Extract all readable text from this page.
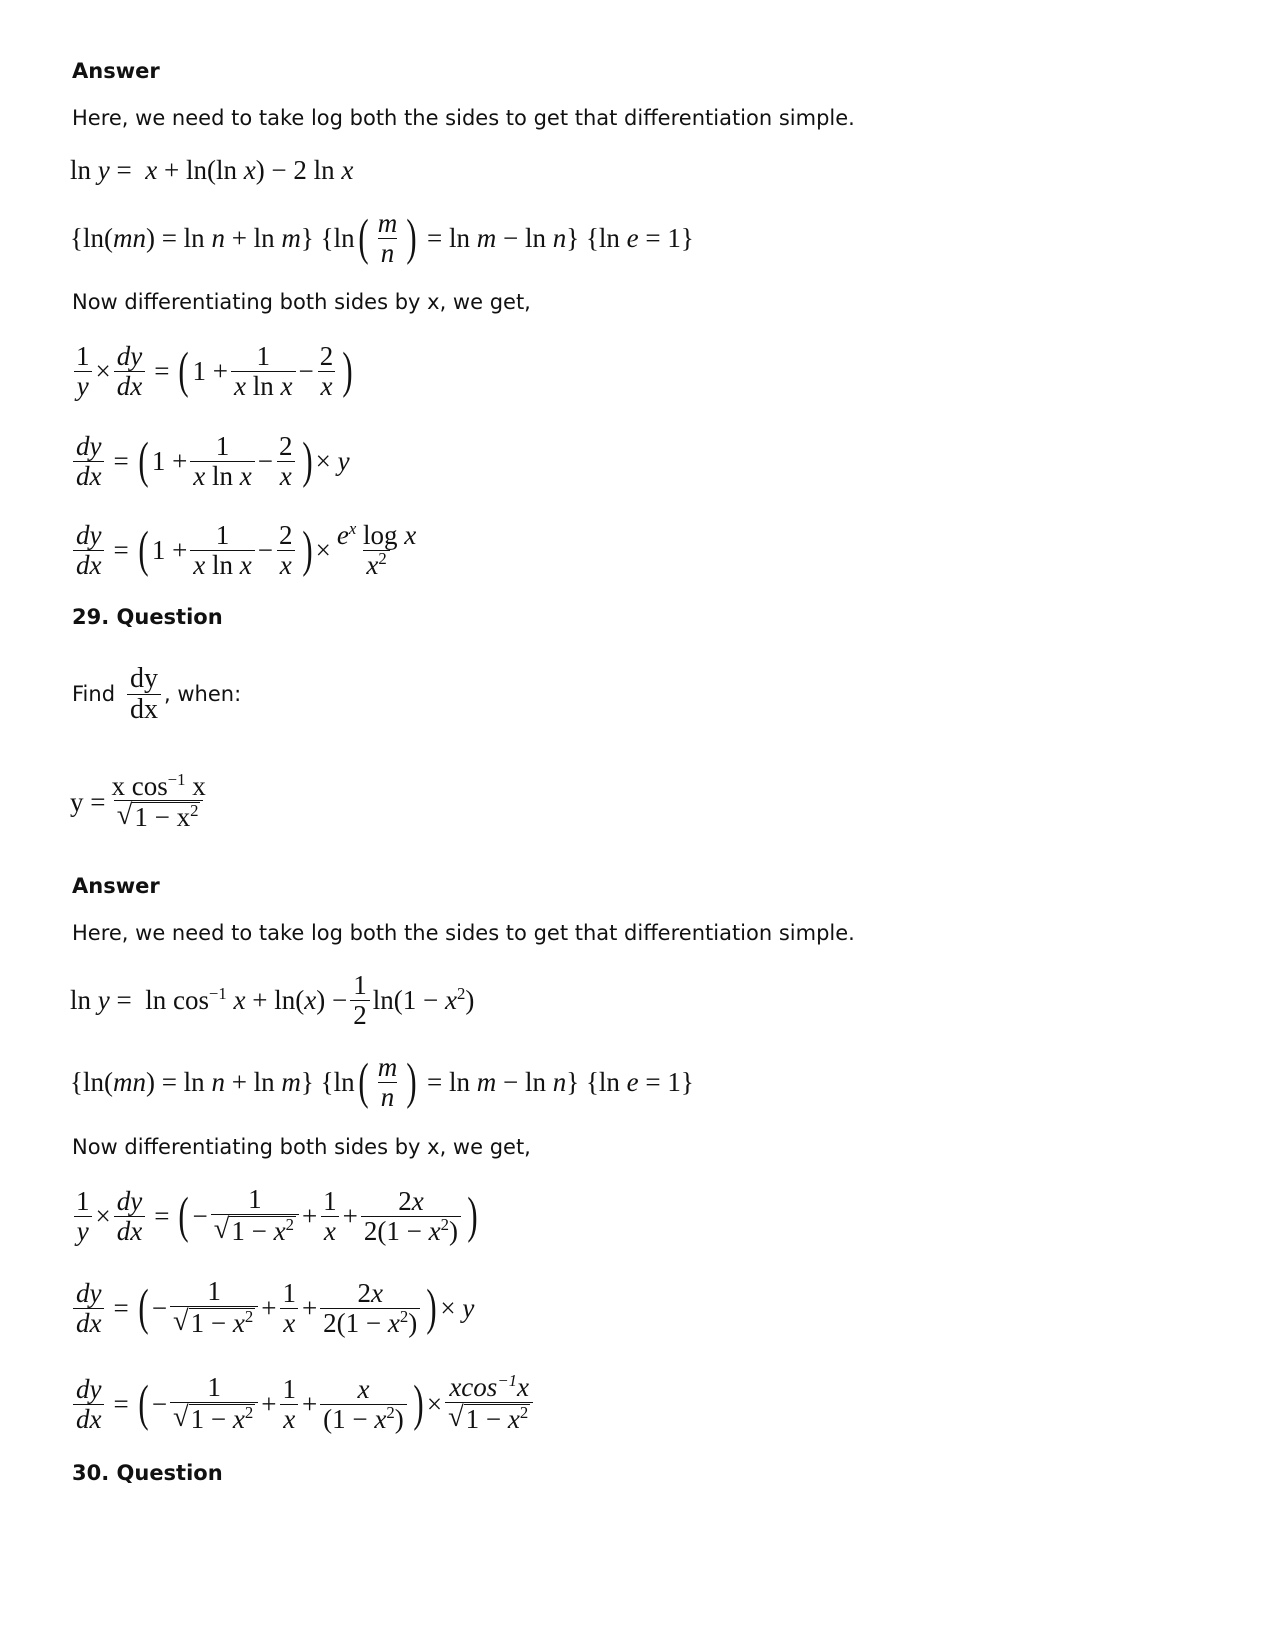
Answer
Here, we need to take log both the sides to get that differentiation simple.
ln y =  x + ln(ln x) − 2 ln x
{ln(mn) = ln n + ln m} {ln ( $\frac{m}{n}$ ) = ln m − ln n} {ln e = 1}
Now differentiating both sides by x, we get,
$\frac{1}{y} \times \frac{dy}{dx}$ = ( $1 + \frac{1}{\text{x ln x}} - \frac{2}{x}$ )
$\frac{dy}{dx}$ = ( $1 + \frac{1}{\text{x ln x}} - \frac{2}{x}$ ) × y
$\frac{dy}{dx}$ = ( $1 + \frac{1}{\text{x ln x}} - \frac{2}{x}$ ) × $\frac{e^x \log x}{x^2}$
29. Question
Find $\frac{dy}{dx}$ , when:
$y = \frac{x \cos^{-1} x}{√ 1 - x^2}$
Answer
Here, we need to take log both the sides to get that differentiation simple.
$\ln y = \ln \cos^{-1} x + \ln(x) - \frac{1}{2} \ln(1 - x^2)$
{ln(mn) = ln n + ln m} {ln ( $\frac{m}{n}$ ) = ln m − ln n} {ln e = 1}
Now differentiating both sides by x, we get,
$\frac{1}{y} \times \frac{dy}{dx}$ = ( − $\frac{1}{√ 1 - x^2} + \frac{1}{x} + \frac{2x}{2(1 - x^2)}$ )
$\frac{dy}{dx}$ = ( − $\frac{1}{√ 1 - x^2} + \frac{1}{x} + \frac{2x}{2(1 - x^2)}$ ) × y
$\frac{dy}{dx}$ = ( − $\frac{1}{√ 1 - x^2} + \frac{1}{x} + \frac{x}{(1 - x^2)}$ ) × $\frac{xcos^{-1}x}{√ 1 - x^2}$
30. Question
